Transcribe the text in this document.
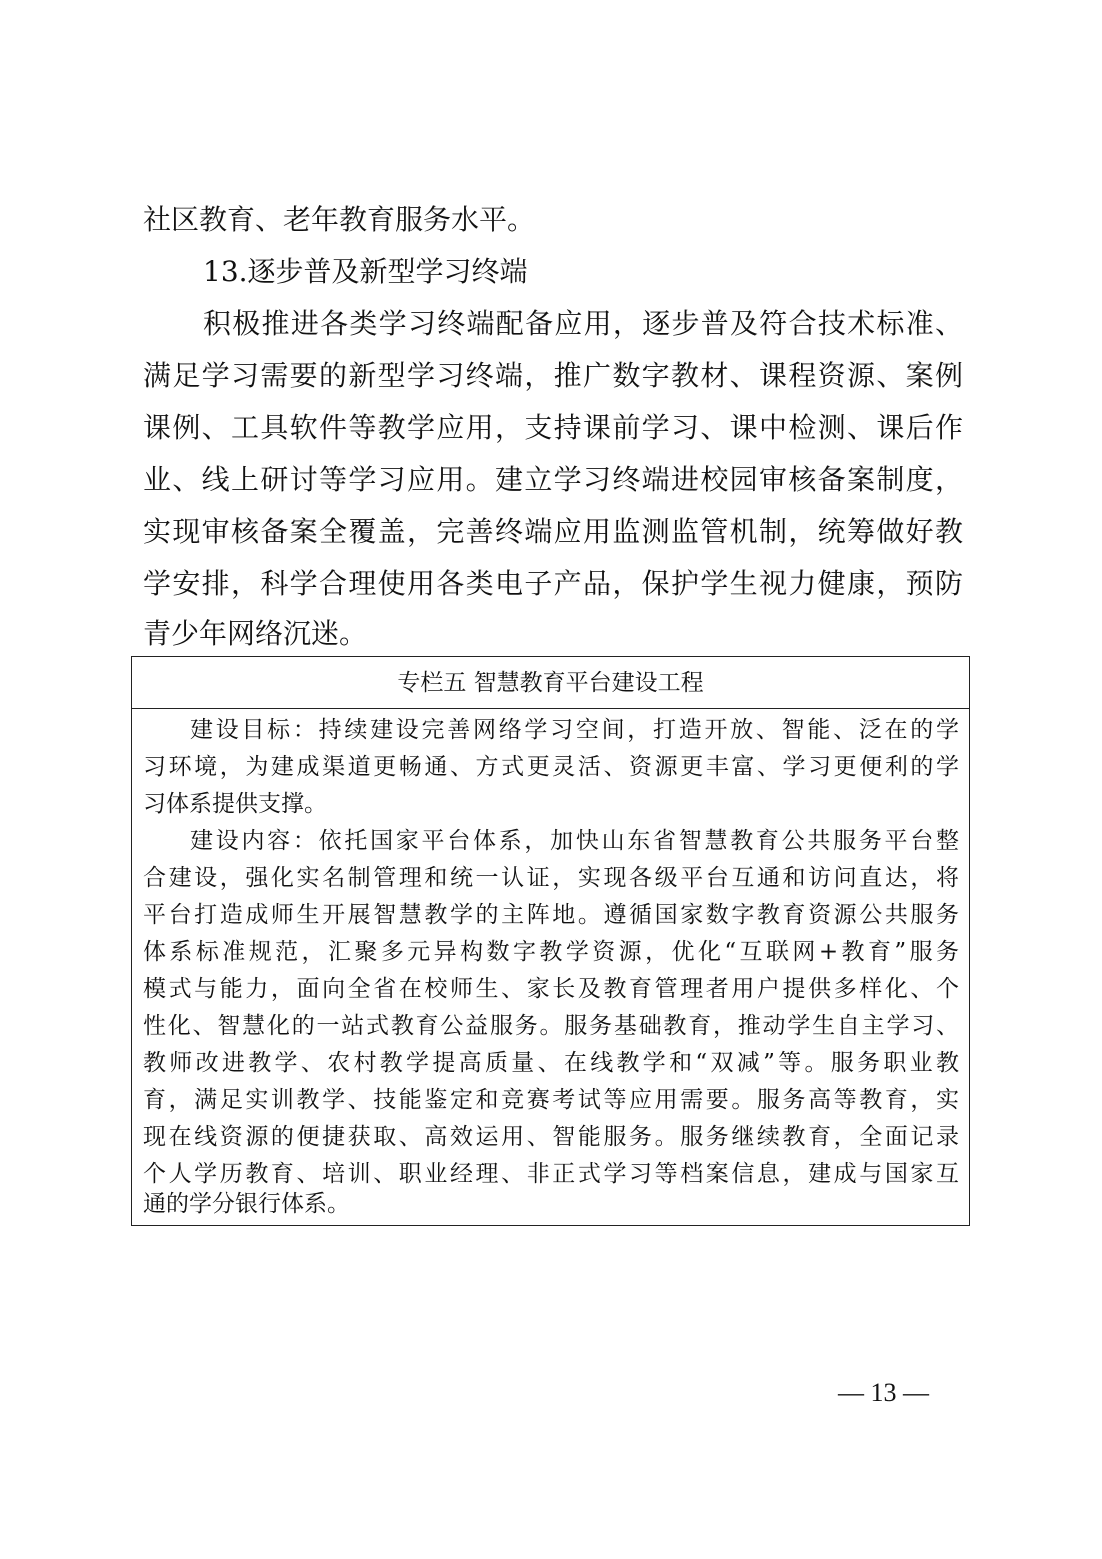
社区教育、老年教育服务水平。
13.逐步普及新型学习终端
积极推进各类学习终端配备应用，逐步普及符合技术标准、
满足学习需要的新型学习终端，推广数字教材、课程资源、案例
课例、工具软件等教学应用，支持课前学习、课中检测、课后作
业、线上研讨等学习应用。建立学习终端进校园审核备案制度，
实现审核备案全覆盖，完善终端应用监测监管机制，统筹做好教
学安排，科学合理使用各类电子产品，保护学生视力健康，预防
青少年网络沉迷。
专栏五 智慧教育平台建设工程
建设目标：持续建设完善网络学习空间，打造开放、智能、泛在的学
习环境，为建成渠道更畅通、方式更灵活、资源更丰富、学习更便利的学
习体系提供支撑。
建设内容：依托国家平台体系，加快山东省智慧教育公共服务平台整
合建设，强化实名制管理和统一认证，实现各级平台互通和访问直达，将
平台打造成师生开展智慧教学的主阵地。遵循国家数字教育资源公共服务
体系标准规范，汇聚多元异构数字教学资源，优化“互联网+教育”服务
模式与能力，面向全省在校师生、家长及教育管理者用户提供多样化、个
性化、智慧化的一站式教育公益服务。服务基础教育，推动学生自主学习、
教师改进教学、农村教学提高质量、在线教学和“双减”等。服务职业教
育，满足实训教学、技能鉴定和竞赛考试等应用需要。服务高等教育，实
现在线资源的便捷获取、高效运用、智能服务。服务继续教育，全面记录
个人学历教育、培训、职业经理、非正式学习等档案信息，建成与国家互
通的学分银行体系。
— 13 —
